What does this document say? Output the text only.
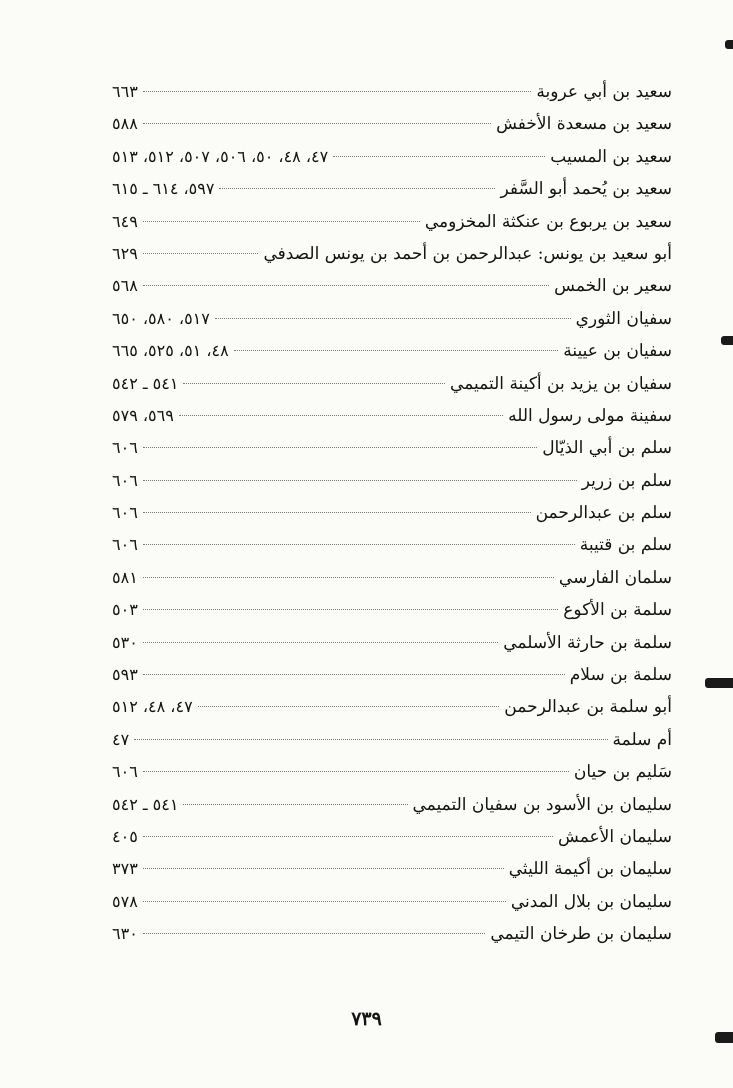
سعيد بن أبي عروبة
٦٦٣
سعيد بن مسعدة الأخفش
٥٨٨
سعيد بن المسيب
٤٧، ٤٨، ٥٠، ٥٠٦، ٥٠٧، ٥١٢، ٥١٣
سعيد بن يُحمد أبو السَّفر
٥٩٧، ٦١٤ ـ ٦١٥
سعيد بن يربوع بن عنكثة المخزومي
٦٤٩
أبو سعيد بن يونس: عبدالرحمن بن أحمد بن يونس الصدفي
٦٢٩
سعير بن الخمس
٥٦٨
سفيان الثوري
٥١٧، ٥٨٠، ٦٥٠
سفيان بن عيينة
٤٨، ٥١، ٥٢٥، ٦٦٥
سفيان بن يزيد بن أكينة التميمي
٥٤١ ـ ٥٤٢
سفينة مولى رسول الله
٥٦٩، ٥٧٩
سلم بن أبي الذيّال
٦٠٦
سلم بن زرير
٦٠٦
سلم بن عبدالرحمن
٦٠٦
سلم بن قتيبة
٦٠٦
سلمان الفارسي
٥٨١
سلمة بن الأكوع
٥٠٣
سلمة بن حارثة الأسلمي
٥٣٠
سلمة بن سلام
٥٩٣
أبو سلمة بن عبدالرحمن
٤٧، ٤٨، ٥١٢
أم سلمة
٤٧
سَليم بن حيان
٦٠٦
سليمان بن الأسود بن سفيان التميمي
٥٤١ ـ ٥٤٢
سليمان الأعمش
٤٠٥
سليمان بن أكيمة الليثي
٣٧٣
سليمان بن بلال المدني
٥٧٨
سليمان بن طرخان التيمي
٦٣٠
٧٣٩
